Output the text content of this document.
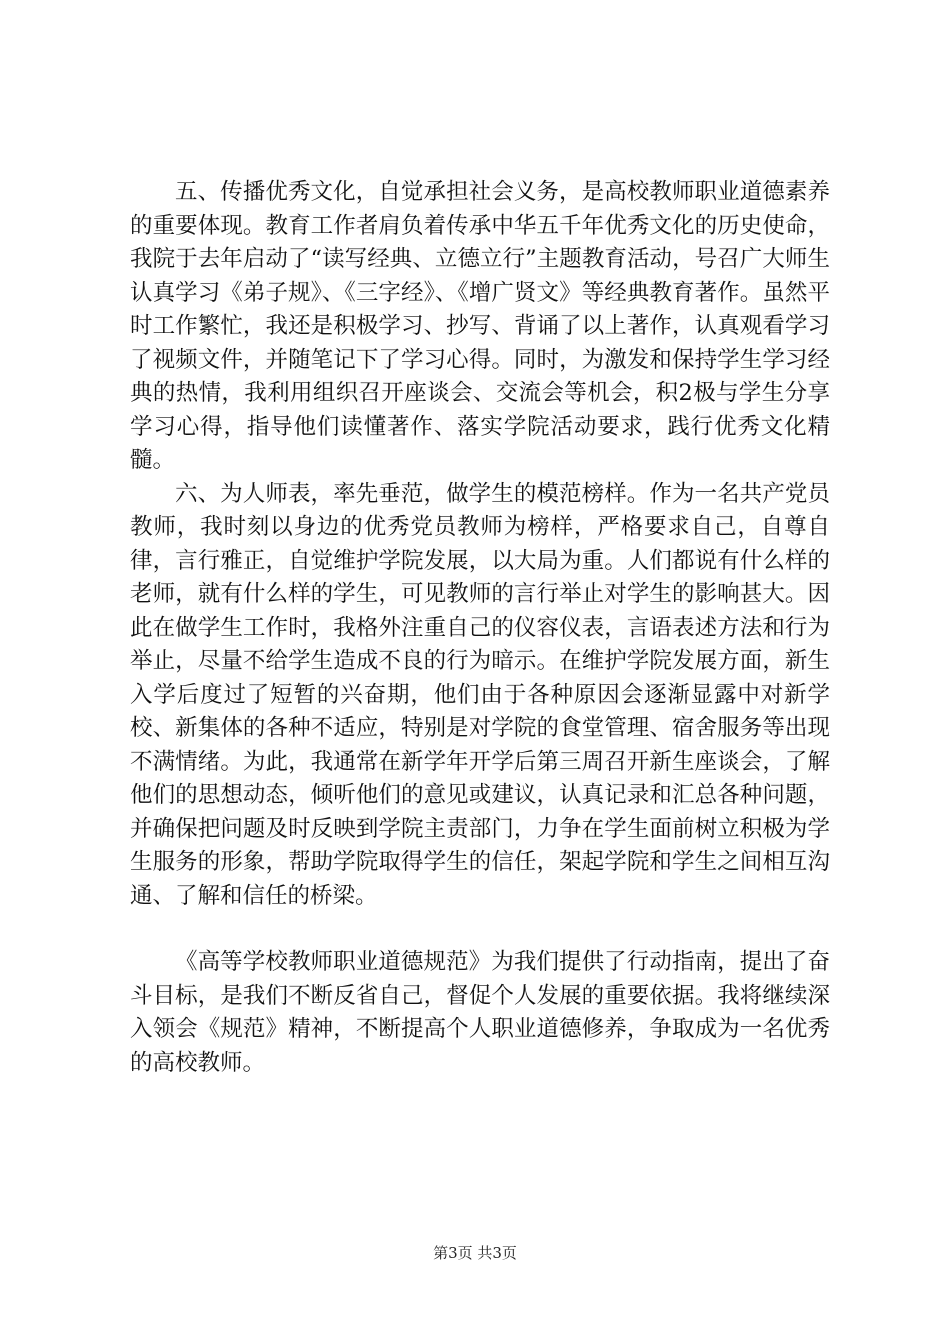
五、传播优秀文化，自觉承担社会义务，是高校教师职业道德素养的重要体现。教育工作者肩负着传承中华五千年优秀文化的历史使命，我院于去年启动了“读写经典、立德立行”主题教育活动，号召广大师生认真学习《弟子规》、《三字经》、《增广贤文》等经典教育著作。虽然平时工作繁忙，我还是积极学习、抄写、背诵了以上著作，认真观看学习了视频文件，并随笔记下了学习心得。同时，为激发和保持学生学习经典的热情，我利用组织召开座谈会、交流会等机会，积2极与学生分享学习心得，指导他们读懂著作、落实学院活动要求，践行优秀文化精髓。

六、为人师表，率先垂范，做学生的模范榜样。作为一名共产党员教师，我时刻以身边的优秀党员教师为榜样，严格要求自己，自尊自律，言行雅正，自觉维护学院发展，以大局为重。人们都说有什么样的老师，就有什么样的学生，可见教师的言行举止对学生的影响甚大。因此在做学生工作时，我格外注重自己的仪容仪表，言语表述方法和行为举止，尽量不给学生造成不良的行为暗示。在维护学院发展方面，新生入学后度过了短暂的兴奋期，他们由于各种原因会逐渐显露中对新学校、新集体的各种不适应，特别是对学院的食堂管理、宿舍服务等出现不满情绪。为此，我通常在新学年开学后第三周召开新生座谈会，了解他们的思想动态，倾听他们的意见或建议，认真记录和汇总各种问题，并确保把问题及时反映到学院主责部门，力争在学生面前树立积极为学生服务的形象，帮助学院取得学生的信任，架起学院和学生之间相互沟通、了解和信任的桥梁。

《高等学校教师职业道德规范》为我们提供了行动指南，提出了奋斗目标，是我们不断反省自己，督促个人发展的重要依据。我将继续深入领会《规范》精神，不断提高个人职业道德修养，争取成为一名优秀的高校教师。

第3页 共3页
